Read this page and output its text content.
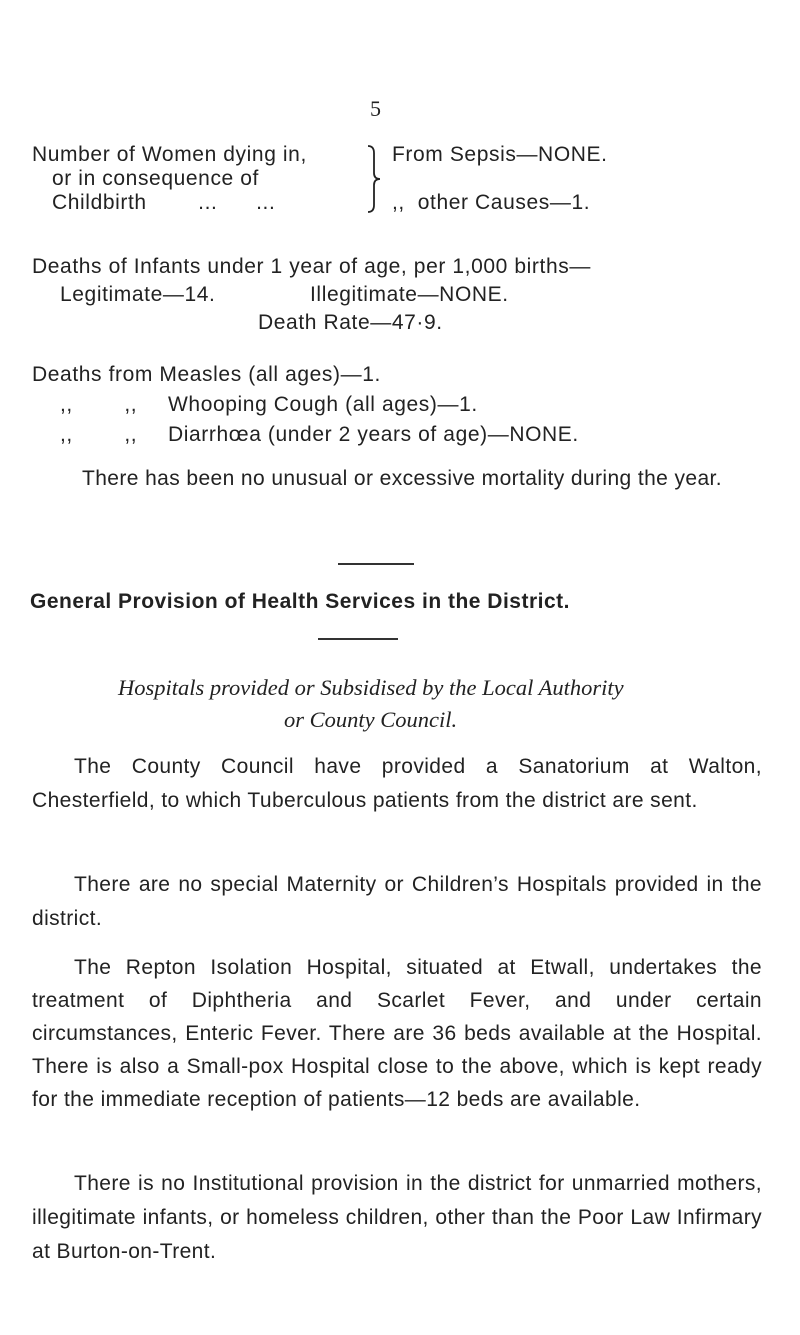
5
Number of Women dying in,
or in consequence of
Childbirth        ...      ...
From Sepsis—NONE.
,,  other Causes—1.
Deaths of Infants under 1 year of age, per 1,000 births—
Legitimate—14.	Illegitimate—NONE.
Death Rate—47·9.
Deaths from Measles (all ages)—1.
,,        ,, Whooping Cough (all ages)—1.
,,        ,, Diarrhœa (under 2 years of age)—NONE.

There has been no unusual or excessive mortality during the year.

General Provision of Health Services in the District.
Hospitals provided or Subsidised by the Local Authority
or County Council.

The County Council have provided a Sanatorium at Walton, Chesterfield, to which Tuberculous patients from the district are sent.

There are no special Maternity or Children’s Hospitals provided in the district.

The Repton Isolation Hospital, situated at Etwall, undertakes the treatment of Diphtheria and Scarlet Fever, and under certain circumstances, Enteric Fever. There are 36 beds available at the Hospital. There is also a Small-pox Hospital close to the above, which is kept ready for the immediate reception of patients—12 beds are available.

There is no Institutional provision in the district for unmarried mothers, illegitimate infants, or homeless children, other than the Poor Law Infirmary at Burton-on-Trent.
